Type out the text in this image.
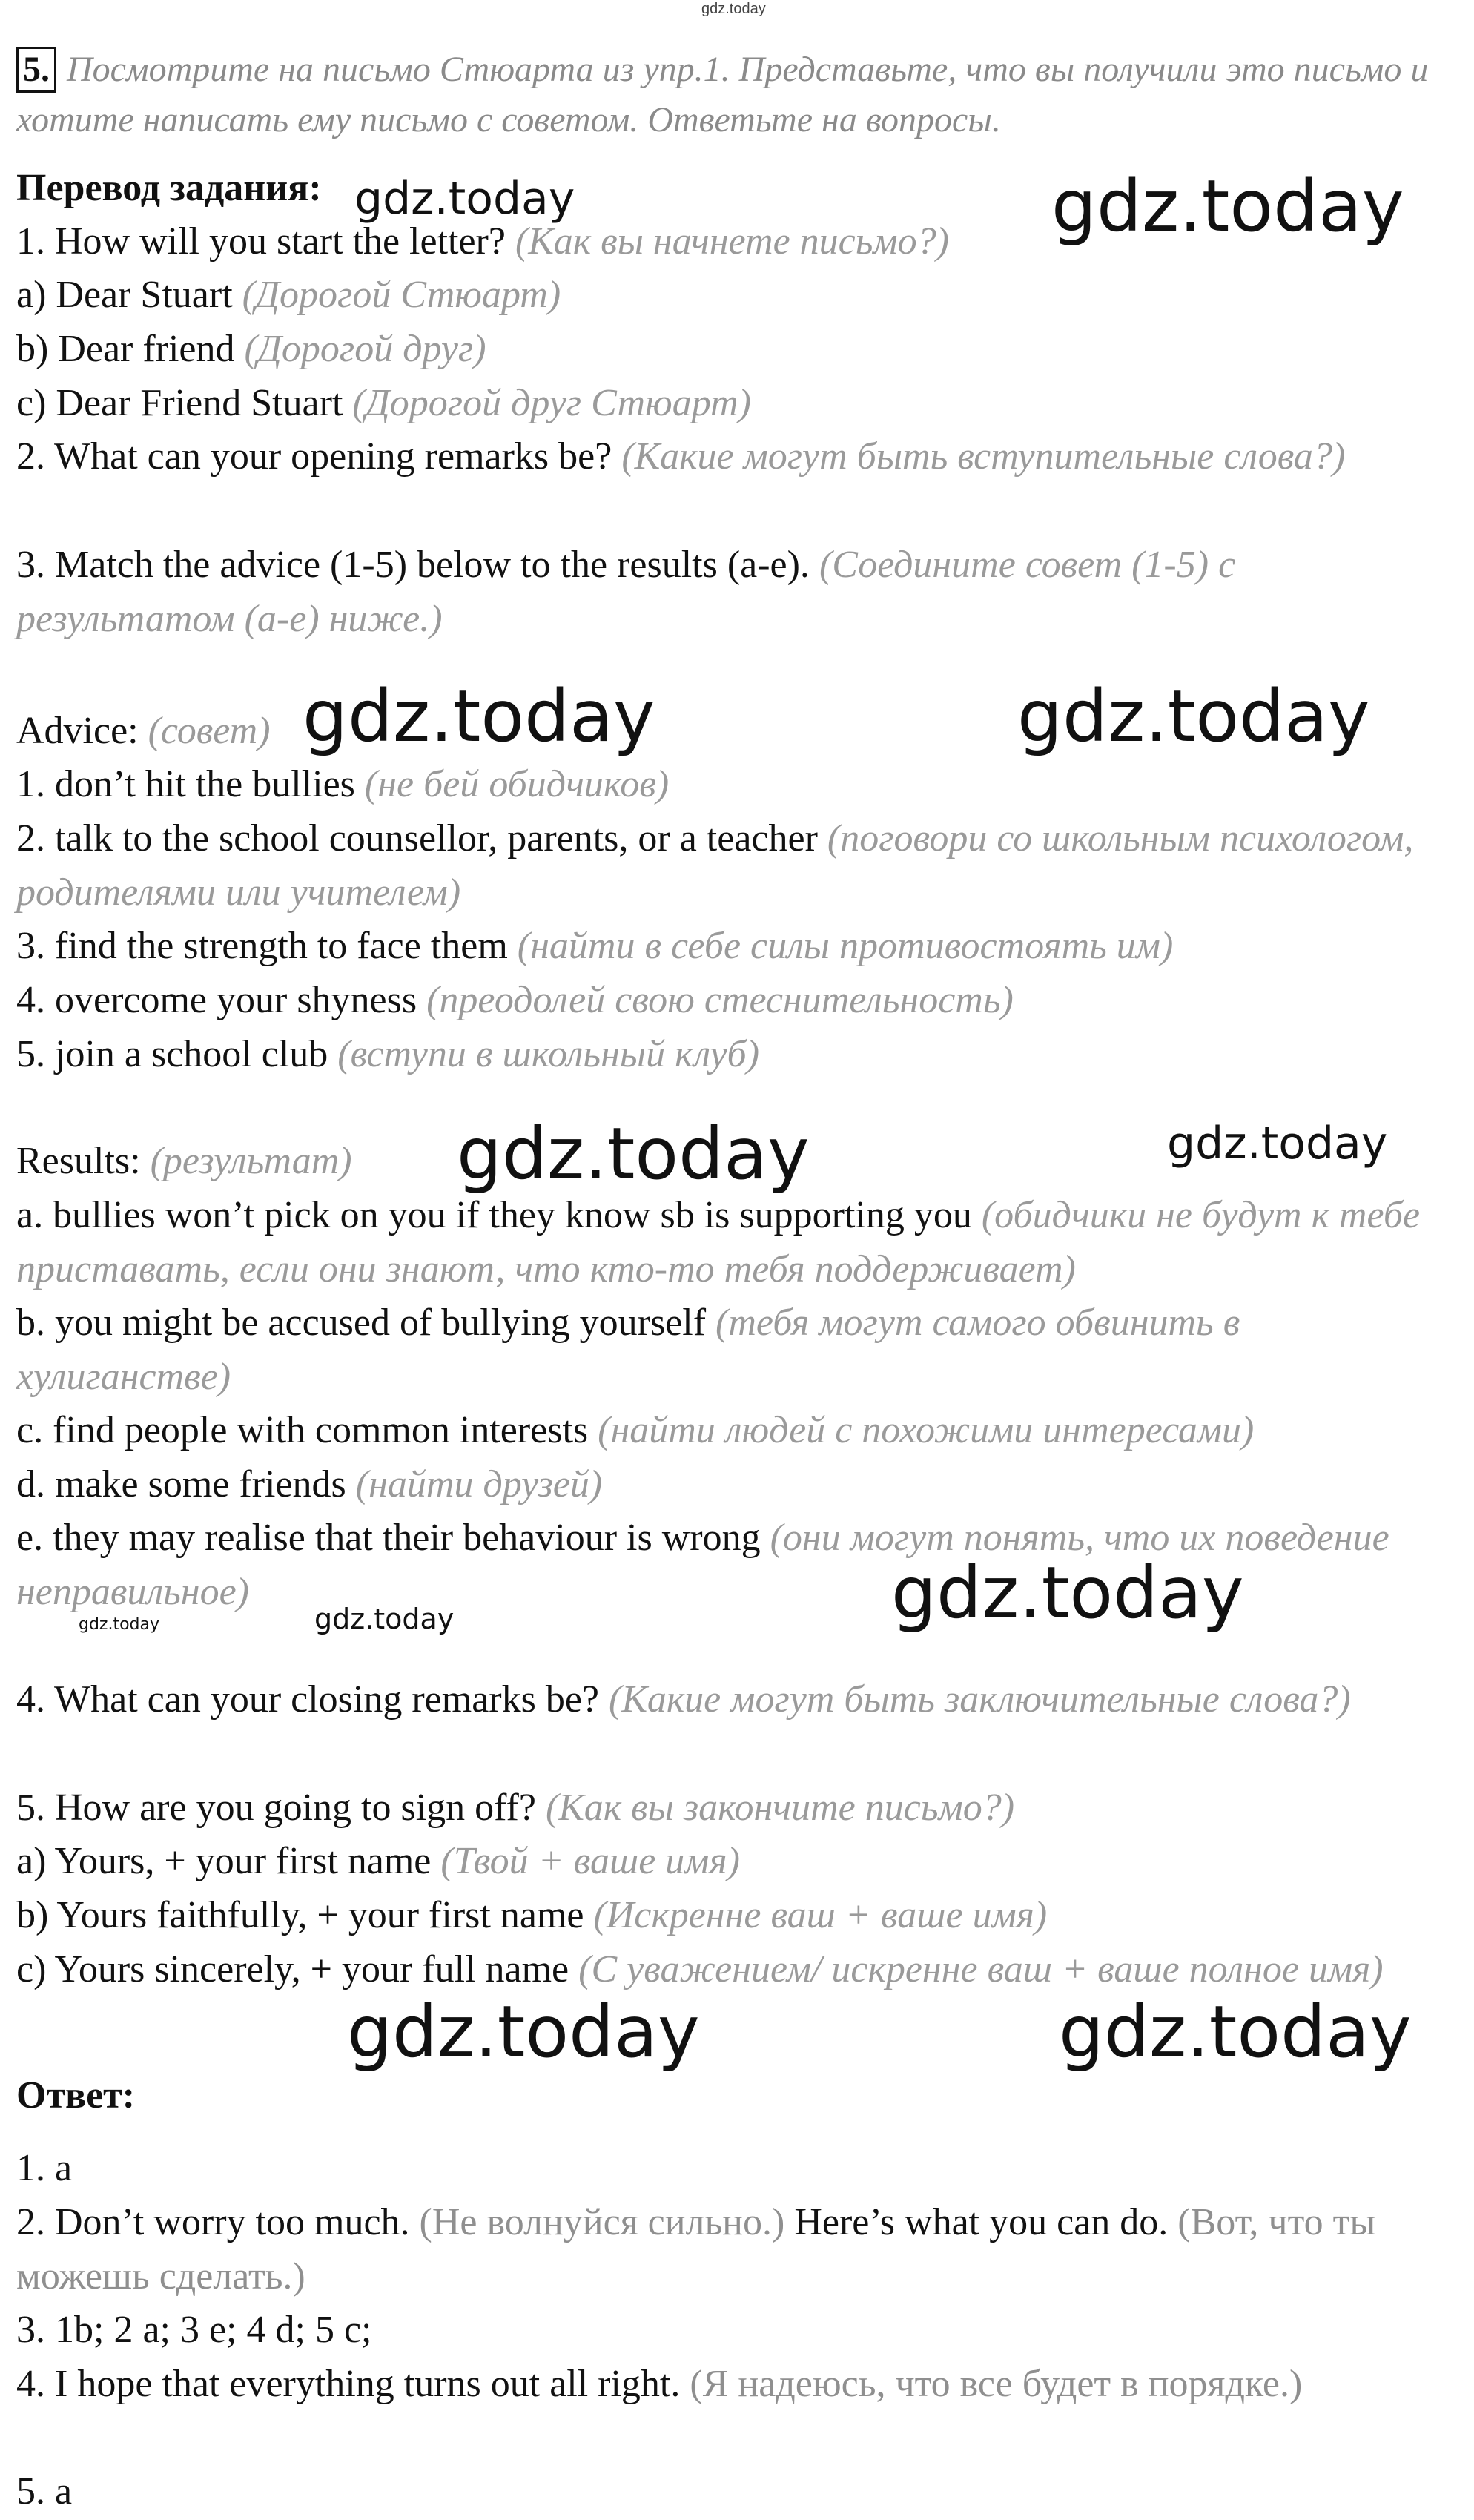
gdz.today
5. Посмотрите на письмо Стюарта из упр.1. Представьте, что вы получили это письмо и хотите написать ему письмо с советом. Ответьте на вопросы.
Перевод задания:
1. How will you start the letter? (Как вы начнете письмо?)
a) Dear Stuart (Дорогой Стюарт)
b) Dear friend (Дорогой друг)
c) Dear Friend Stuart (Дорогой друг Стюарт)
2. What can your opening remarks be? (Какие могут быть вступительные слова?)
3. Match the advice (1-5) below to the results (a-e). (Соедините совет (1-5) с результатом (a-e) ниже.)
Advice: (совет)
1. don’t hit the bullies (не бей обидчиков)
2. talk to the school counsellor, parents, or a teacher (поговори со школьным психологом, родителями или учителем)
3. find the strength to face them (найти в себе силы противостоять им)
4. overcome your shyness (преодолей свою стеснительность)
5. join a school club (вступи в школьный клуб)
Results: (результат)
a. bullies won’t pick on you if they know sb is supporting you (обидчики не будут к тебе приставать, если они знают, что кто-то тебя поддерживает)
b. you might be accused of bullying yourself (тебя могут самого обвинить в хулиганстве)
c. find people with common interests (найти людей с похожими интересами)
d. make some friends (найти друзей)
e. they may realise that their behaviour is wrong (они могут понять, что их поведение неправильное)
4. What can your closing remarks be? (Какие могут быть заключительные слова?)
5. How are you going to sign off? (Как вы закончите письмо?)
a) Yours, + your first name (Твой + ваше имя)
b) Yours faithfully, + your first name (Искренне ваш + ваше имя)
c) Yours sincerely, + your full name (С уважением/ искренне ваш + ваше полное имя)
Ответ:
1. a
2. Don’t worry too much. (Не волнуйся сильно.) Here’s what you can do. (Вот, что ты можешь сделать.)
3. 1b; 2 a; 3 e; 4 d; 5 c;
4. I hope that everything turns out all right. (Я надеюсь, что все будет в порядке.)
5. a
gdz.today	gdz.today
gdz.today	gdz.today
gdz.today	gdz.today
gdz.today
gdz.today
gdz.today
gdz.today	gdz.today
